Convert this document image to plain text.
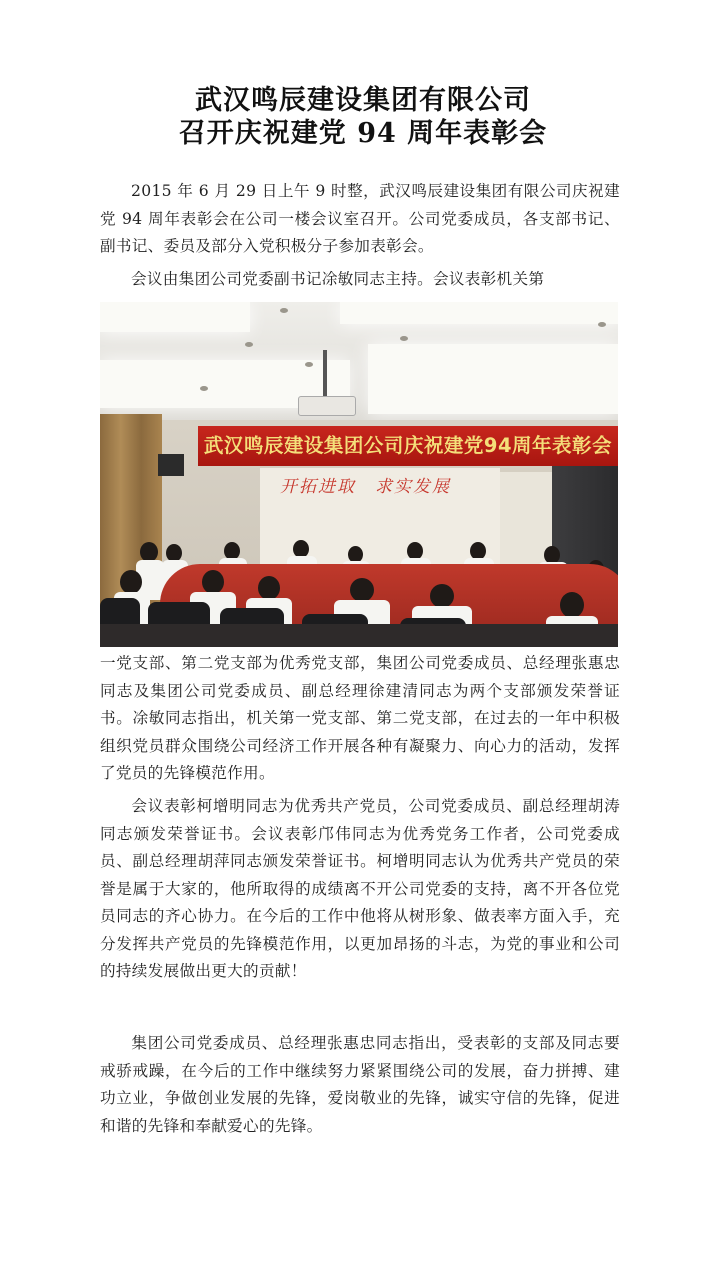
武汉鸣辰建设集团有限公司
召开庆祝建党 94 周年表彰会

2015 年 6 月 29 日上午 9 时整，武汉鸣辰建设集团有限公司庆祝建党 94 周年表彰会在公司一楼会议室召开。公司党委成员，各支部书记、副书记、委员及部分入党积极分子参加表彰会。

会议由集团公司党委副书记凃敏同志主持。会议表彰机关第

武汉鸣辰建设集团公司庆祝建党94周年表彰会
开拓进取　求实发展

一党支部、第二党支部为优秀党支部，集团公司党委成员、总经理张惠忠同志及集团公司党委成员、副总经理徐建清同志为两个支部颁发荣誉证书。凃敏同志指出，机关第一党支部、第二党支部，在过去的一年中积极组织党员群众围绕公司经济工作开展各种有凝聚力、向心力的活动，发挥了党员的先锋模范作用。

会议表彰柯增明同志为优秀共产党员，公司党委成员、副总经理胡涛同志颁发荣誉证书。会议表彰邝伟同志为优秀党务工作者，公司党委成员、副总经理胡萍同志颁发荣誉证书。柯增明同志认为优秀共产党员的荣誉是属于大家的，他所取得的成绩离不开公司党委的支持，离不开各位党员同志的齐心协力。在今后的工作中他将从树形象、做表率方面入手，充分发挥共产党员的先锋模范作用，以更加昂扬的斗志，为党的事业和公司的持续发展做出更大的贡献！

集团公司党委成员、总经理张惠忠同志指出，受表彰的支部及同志要戒骄戒躁，在今后的工作中继续努力紧紧围绕公司的发展，奋力拼搏、建功立业，争做创业发展的先锋，爱岗敬业的先锋，诚实守信的先锋，促进和谐的先锋和奉献爱心的先锋。
